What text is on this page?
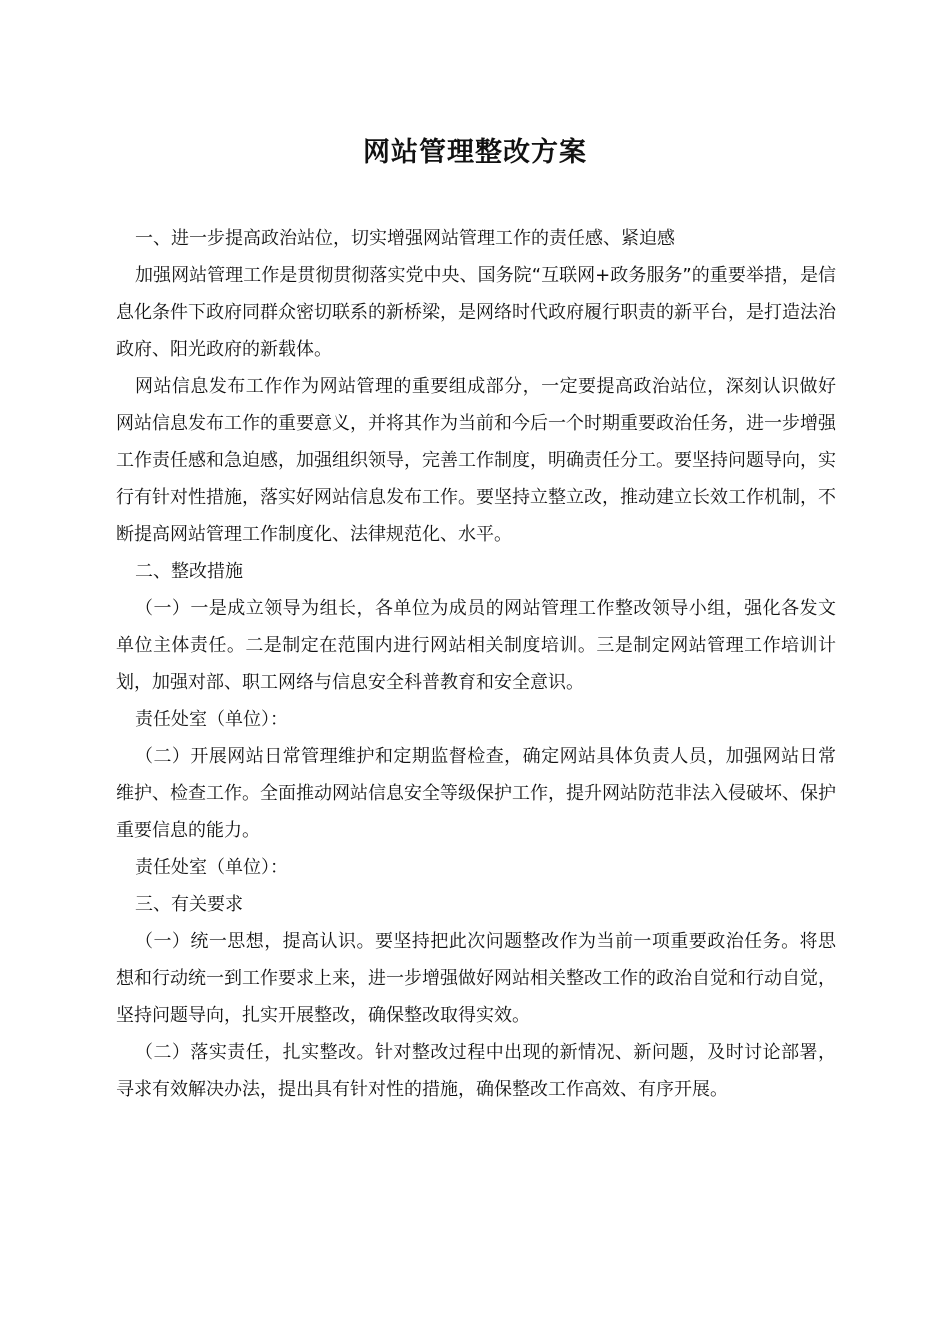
网站管理整改方案

一、进一步提高政治站位，切实增强网站管理工作的责任感、紧迫感

加强网站管理工作是贯彻贯彻落实党中央、国务院“互联网+政务服务”的重要举措，是信息化条件下政府同群众密切联系的新桥梁，是网络时代政府履行职责的新平台，是打造法治政府、阳光政府的新载体。

网站信息发布工作作为网站管理的重要组成部分，一定要提高政治站位，深刻认识做好网站信息发布工作的重要意义，并将其作为当前和今后一个时期重要政治任务，进一步增强工作责任感和急迫感，加强组织领导，完善工作制度，明确责任分工。要坚持问题导向，实行有针对性措施，落实好网站信息发布工作。要坚持立整立改，推动建立长效工作机制，不断提高网站管理工作制度化、法律规范化、水平。

二、整改措施

（一）一是成立领导为组长，各单位为成员的网站管理工作整改领导小组，强化各发文单位主体责任。二是制定在范围内进行网站相关制度培训。三是制定网站管理工作培训计划，加强对部、职工网络与信息安全科普教育和安全意识。

责任处室（单位）：

（二）开展网站日常管理维护和定期监督检查，确定网站具体负责人员，加强网站日常维护、检查工作。全面推动网站信息安全等级保护工作，提升网站防范非法入侵破坏、保护重要信息的能力。

责任处室（单位）：

三、有关要求

（一）统一思想，提高认识。要坚持把此次问题整改作为当前一项重要政治任务。将思想和行动统一到工作要求上来，进一步增强做好网站相关整改工作的政治自觉和行动自觉，坚持问题导向，扎实开展整改，确保整改取得实效。

（二）落实责任，扎实整改。针对整改过程中出现的新情况、新问题，及时讨论部署，寻求有效解决办法，提出具有针对性的措施，确保整改工作高效、有序开展。
